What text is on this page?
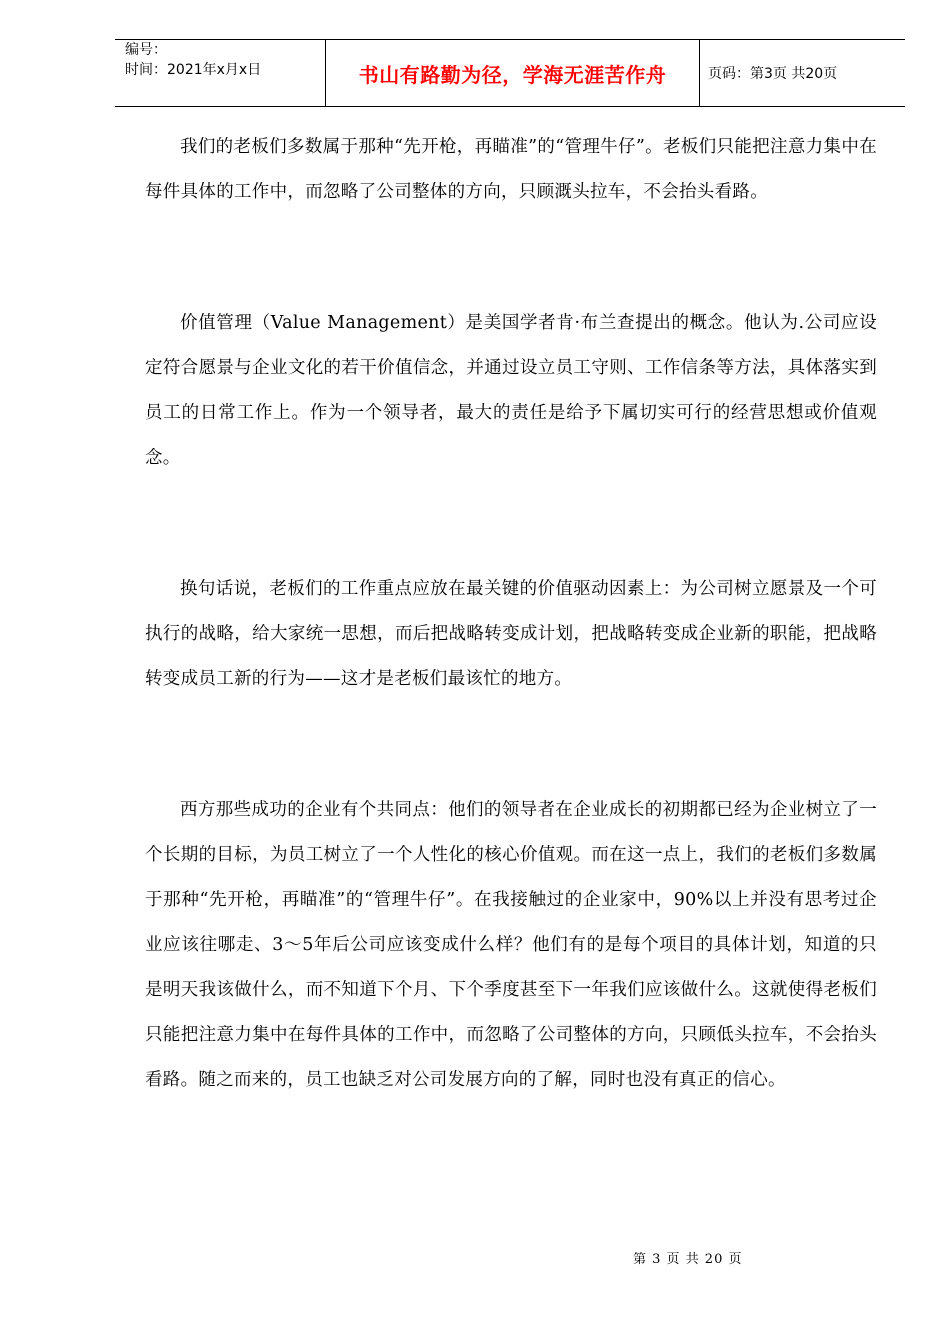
编号：
时间：2021年x月x日	书山有路勤为径，学海无涯苦作舟	页码：第3页 共20页

我们的老板们多数属于那种“先开枪，再瞄准”的“管理牛仔”。老板们只能把注意力集中在每件具体的工作中，而忽略了公司整体的方向，只顾溉头拉车，不会抬头看路。

价值管理（Value Management）是美国学者肯·布兰查提出的概念。他认为.公司应设定符合愿景与企业文化的若干价值信念，并通过设立员工守则、工作信条等方法，具体落实到员工的日常工作上。作为一个领导者，最大的责任是给予下属切实可行的经营思想或价值观念。

换句话说，老板们的工作重点应放在最关键的价值驱动因素上：为公司树立愿景及一个可执行的战略，给大家统一思想，而后把战略转变成计划，把战略转变成企业新的职能，把战略转变成员工新的行为——这才是老板们最该忙的地方。

西方那些成功的企业有个共同点：他们的领导者在企业成长的初期都已经为企业树立了一个长期的目标，为员工树立了一个人性化的核心价值观。而在这一点上，我们的老板们多数属于那种“先开枪，再瞄准”的“管理牛仔”。在我接触过的企业家中，90%以上并没有思考过企业应该往哪走、3～5年后公司应该变成什么样？他们有的是每个项目的具体计划，知道的只是明天我该做什么，而不知道下个月、下个季度甚至下一年我们应该做什么。这就使得老板们只能把注意力集中在每件具体的工作中，而忽略了公司整体的方向，只顾低头拉车，不会抬头看路。随之而来的，员工也缺乏对公司发展方向的了解，同时也没有真正的信心。

第 3 页 共 20 页
